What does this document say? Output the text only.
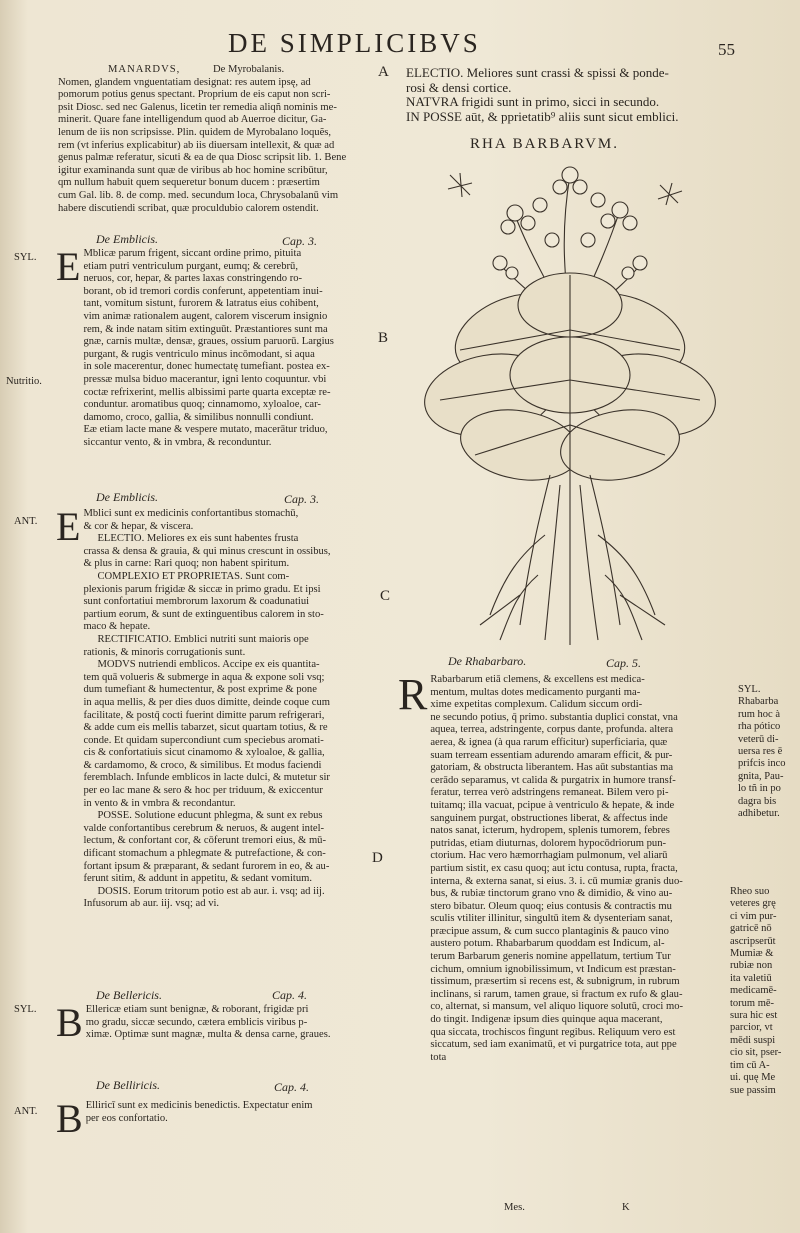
DE SIMPLICIBVS	55
A
B
C
D
MANARDVS,	De Myrobalanis.
Nomen, glandem vnguentatiam designat: res autem ipsę, ad
pomorum potius genus spectant. Proprium de eis caput non scri-
psit Diosc. sed nec Galenus, licetin ter remedia aliqñ nominis me-
minerit. Quare fane intelligendum quod ab Auerroe dicitur, Ga-
lenum de iis non scripsisse. Plin. quidem de Myrobalano loquẽs,
rem (vt inferius explicabitur) ab iis diuersam intellexit, & quæ ad
genus palmæ referatur, sicuti & ea de qua Diosc scripsit lib. 1. Bene
igitur examinanda sunt quæ de viribus ab hoc homine scribūtur,
qm nullum habuit quem sequeretur bonum ducem : præsertim
cum Gal. lib. 8. de comp. med. secundum loca, Chrysobalanū vim
habere discutiendi scribat, quæ proculdubio calorem ostendit.
De Emblicis.	Cap. 3.
SYL.
Nutritio.
E Mblicæ parum frigent, siccant ordine primo, pituita
etiam putri ventriculum purgant, eumq; & cerebrū,
neruos, cor, hepar, & partes laxas constringendo ro-
borant, ob id tremori cordis conferunt, appetentiam inui-
tant, vomitum sistunt, furorem & latratus eius cohibent,
vim animæ rationalem augent, calorem viscerum insignio
rem, & inde natam sitim extinguūt. Præstantiores sunt ma
gnæ, carnis multæ, densæ, graues, ossium paruorū. Largius
purgant, & rugis ventriculo minus incōmodant, si aqua
in sole macerentur, donec humectatę tumefiant. postea ex-
pressæ mulsa biduo macerantur, igni lento coquuntur. vbi
coctæ refrixerint, mellis albissimi parte quarta exceptæ re-
conduntur. aromatibus quoq; cinnamomo, xyloaloe, car-
damomo, croco, gallia, & similibus nonnulli condiunt.
Eæ etiam lacte mane & vespere mutato, macerātur triduo,
siccantur vento, & in vmbra, & reconduntur.
De Emblicis.	Cap. 3.
ANT. E Mblici sunt ex medicinis confortantibus stomachū,
& cor & hepar, & viscera.
ELECTIO. Meliores ex eis sunt habentes frusta
crassa & densa & grauia, & qui minus crescunt in ossibus,
& plus in carne: Rari quoq; non habent spiritum.
COMPLEXIO ET PROPRIETAS. Sunt com-
plexionis parum frigidæ & siccæ in primo gradu. Et ipsi
sunt confortatiui membrorum laxorum & coadunatiui
partium eorum, & sunt de extinguentibus calorem in sto-
maco & hepate.
RECTIFICATIO. Emblici nutriti sunt maioris ope
rationis, & minoris corrugationis sunt.
MODVS nutriendi emblicos. Accipe ex eis quantita-
tem quā volueris & submerge in aqua & expone soli vsq;
dum tumefiant & humectentur, & post exprime & pone
in aqua mellis, & per dies duos dimitte, deinde coque cum
facilitate, & postq̄ cocti fuerint dimitte parum refrigerari,
& adde cum eis mellis tabarzet, sicut quartam totius, & re
conde. Et quidam supercondiunt cum speciebus aromati-
cis & confortatiuis sicut cinamomo & xyloaloe, & gallia,
& cardamomo, & croco, & similibus. Et modus faciendi
feremblach. Infunde emblicos in lacte dulci, & mutetur sir
per eo lac mane & sero & hoc per triduum, & exiccentur
in vento & in vmbra & recondantur.
POSSE. Solutione educunt phlegma, & sunt ex rebus
valde confortantibus cerebrum & neruos, & augent intel-
lectum, & confortant cor, & cōferunt tremori eius, & mū-
dificant stomachum a phlegmate & putrefactione, & con-
fortant ipsum & præparant, & sedant furorem in eo, & au-
ferunt sitim, & addunt in appetitu, & sedant vomitum.
DOSIS. Eorum tritorum potio est ab aur. i. vsq; ad iij.
Infusorum ab aur. iij. vsq; ad vi.
De Bellericis.	Cap. 4.
SYL. B Ellericæ etiam sunt benignæ, & roborant, frigidæ pri
mo gradu, siccæ secundo, cætera emblicis viribus p-
ximæ. Optimæ sunt magnæ, multa & densa carne, graues.
De Belliricis.	Cap. 4.
ANT. B Elliricī sunt ex medicinis benedictis. Expectatur enim
per eos confortatio.
ELECTIO. Meliores sunt crassi & spissi & ponde-
rosi & densi cortice.
NATVRA frigidi sunt in primo, sicci in secundo.
IN POSSE aūt, & pprietatib⁹ aliis sunt sicut emblici.
RHA BARBARVM.
De Rhabarbaro.	Cap. 5.
R Rabarbarum etiā clemens, & excellens est medica-
mentum, multas dotes medicamento purganti ma-
xime expetitas complexum. Calidum siccum ordi-
ne secundo potius, q̄ primo. substantia duplici constat, vna
aquea, terrea, adstringente, corpus dante, profunda. altera
aerea, & ignea (à qua rarum efficitur) superficiaria, quæ
suam terream essentiam adurendo amaram efficit, & pur-
gatoriam, & obstructa liberantem. Has aūt substantias ma
cerādo separamus, vt calida & purgatrix in humore transf-
feratur, terrea verò adstringens remaneat. Bilem vero pi-
tuitamq; illa vacuat, pcipue à ventriculo & hepate, & inde
sanguinem purgat, obstructiones liberat, & affectus inde
natos sanat, icterum, hydropem, splenis tumorem, febres
putridas, etiam diuturnas, dolorem hypocōdriorum pun-
ctorium. Hac vero hæmorrhagiam pulmonum, vel aliarū
partium sistit, ex casu quoq; aut ictu contusa, rupta, fracta,
interna, & externa sanat, si eius. 3. i. cū mumiæ granis duo-
bus, & rubiæ tinctorum grano vno & dimidio, & vino au-
stero bibatur. Oleum quoq; eius contusis & contractis mu
sculis vtiliter illinitur, singultū item & dysenteriam sanat,
præcipue assum, & cum succo plantaginis & pauco vino
austero potum. Rhabarbarum quoddam est Indicum, al-
terum Barbarum generis nomine appellatum, tertium Tur
cichum, omnium ignobilissimum, vt Indicum est præstan-
tissimum, præsertim si recens est, & subnigrum, in rubrum
inclinans, si rarum, tamen graue, si fractum ex rufo & glau-
co, alternat, si mansum, vel aliquo liquore solutū, croci mo-
do tingit. Indigenæ ipsum dies quinque aqua macerant,
qua siccata, trochiscos fingunt regibus. Reliquum vero est
siccatum, sed iam exanimatū, et vi purgatrice tota, aut ppe
tota
Mes.	K
SYL.
Rhabarba
rum hoc à
rha pótico
veterū di-
uersa res ē
prifcis inco
gnita, Pau-
lo tñ in po
dagra bis
adhibetur.
Rheo suo
veteres grę
ci vim pur-
gatricē nō
ascripserūt
Mumiæ &
rubiæ non
ita valetiū
medicamē-
torum mē-
sura hic est
parcior, vt
mēdi suspi
cio sit, pser-
tim cū A-
ui. quę Me
sue passim
